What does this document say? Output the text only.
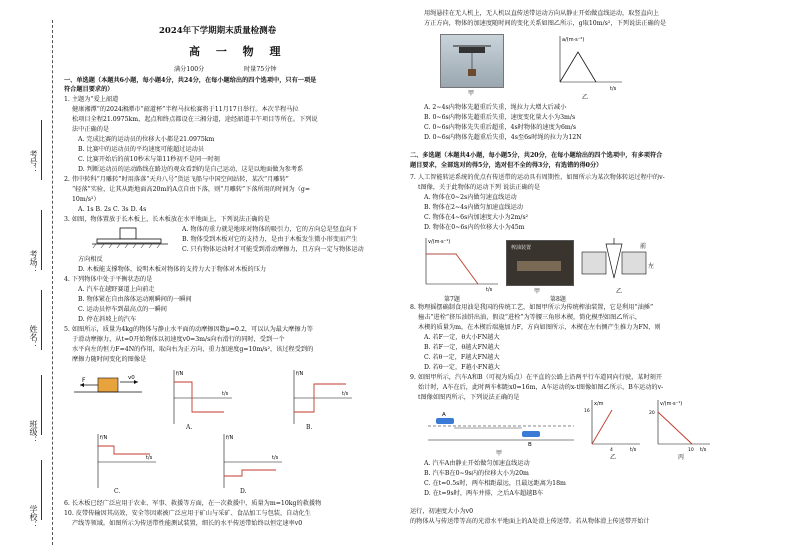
考号：
考场：
姓名：
班级：
学校：
2024年下学期期末质量检测卷
高 一 物 理
满分100分	时量75分钟
一、单选题（本题共6小题，每小题4分，共24分，在每小题给出的四个选项中，只有一项是
符合题目要求的）
1. 主题为“爱上韶道
健康湘潭”的2024湘潭市“韶道杯”半程马拉松赛将于11月17日举行。本次半程马拉
松项目全程21.0975km，起点和终点都设在三湘分道，途经韶道丰午项目等所在。下列说
法中正确的是
A. 完成比赛的运动员的位移大小都是21.0975km
B. 比赛中的运动员的平均速度可能超过运动员
C. 比赛开始后的前10秒末与第11秒初不是同一时刻
D. 判断运动员的运动路线在路边的观众看到的是自己运动，这是以地面做为参考系
2. 伟中转科“月雕转”时用落落“天舟八号”货运飞船与中国空间站转，某次“月雕转”
“轻落”实验，让其从距地面高20m的A点自由下落，则“月雕转”下落所用的时间为（g=
10m/s²）
A. 1s B. 2s C. 3s D. 4s
3. 如图，物体置放于长木板上，长木板放在水平地面上，下列说法正确的是
A. 物体的重力就是地球对物体的吸引力，它的方向总是竖直向下
B. 物体受到木板对它的支持力，是由于木板发生微小形变而产生
C. 只有物体运动时才可能受到滑动摩擦力，且方向一定与物体运动
方向相反
D. 木板能支撑物体，说明木板对物体的支持力大于物体对木板的压力
4. 下列物体中处于平衡状态的是
A. 汽车在越野赛道上向前走
B. 物体紧在自由落体运动刚瞬间的一瞬间
C. 运动员停车到最高点的一瞬间
D. 停在斜坡上的汽车
5. 如图所示，质量为4kg的物体与静止水平面的动摩擦因数μ=0.2，可以认为最大摩擦力等
于滑动摩擦力，从t=0开始物体以初速度v0=3m/s向右滑行的同时，受到一个
水平向左的恒力F=4N的作用，取向右为正方向，重力加速度g=10m/s²，该过程受到的
摩擦力随时间变化的图像是
F	v0
f/N
t/s
A.
f/N
t/s
B.
f/N
t/s
C.
f/N
t/s
D.
6. 长木板已经广泛应用于农业、军事、救援等方面，在一次救援中，质量为m=10kg的救援物
10. 皮带传输因其高效、安全等因素被广泛应用于矿山与采矿、食品加工与包装，自动化生
产线等领域。如图所示为传送带性能测试装置，细长的水平传送带始终以恒定速率v0
用绳悬挂在无人机上，无人机以直传送带运动方向从静止开始做直线运动，取竖直向上
方正方向，物体的加速度随时间的变化关系如图乙所示，g取10m/s²，下列说法正确的是
甲
a/(m·s⁻²)
t/s
乙
A. 2~4s内物体先超重后失重，绳拉力大增大后减小
B. 0~6s内物体先超重后失重，速度变化量大小为3m/s
C. 0~6s内物体先失重后超重，4s时物体的速度为6m/s
D. 0~6s内物体先超重后失重，4s至6s时绳的拉力为12N
二、多选题（本题共4小题，每小题5分，共20分，在每小题给出的四个选项中，有多项符合
题目要求，全部选对的得5分，选对但不全的得3分，有选错的得0分）
7. 人工智能转运系统的优点有传送带的运动具有周期性，如图所示为某次物体转运过程中的v-
t图像，关于此物体的运动下列 说法正确的是
A. 物体在0~2s内做匀速直线运动
B. 物体在2~4s内做匀加速直线运动
C. 物体在4~6s内加速度大小为2m/s²
D. 物体在0~6s内的位移大小为45m
v/(m·s⁻¹)
t/s
榨油装置
甲
前
左
乙
第7题	第8题
8. 物理摇摆确制食用油是我国的传统工艺，如图甲所示为传统榨油装置，它是利用“油捶”
撞击“进栓”挤压油饼出油，假设“进栓”为等腰三角形木楔，简化模型如图乙所示，
木楔的质量为m，在木楔后端施加力F，方向如图所示，木楔在左右侧产生推力为FN，则
A. 若F一定，θ大小FN越大
B. 若F一定，θ越大FN越大
C. 若θ一定，F越大FN越大
D. 若θ一定，F越小FN越大
9. 如图甲所示，汽车A和B（可视为质点）在平直的公路上沿两平行车道同向行驶，某时刻开
始计时，A车在后，此时两车相距x0=16m，A车运动的x-t图像如图乙所示，B车运动的v-
t图像如图丙所示，下列说法正确的是
A
B
甲
x/m
t/s
16
4
乙
v/(m·s⁻¹)
t/s
20
10
丙
A. 汽车A由静止开始做匀加速直线运动
B. 汽车B在0~9s内的位移大小为20m
C. 在t=0.5s时，两车相距最远，且最远距离为18m
D. 在t=9s时，两车并排，之后A车超越B车
运行，初速度大小为v0
的物体从与传送带等高的光滑水平地面上的A处滑上传送带。若从物体滑上传送带开始计
